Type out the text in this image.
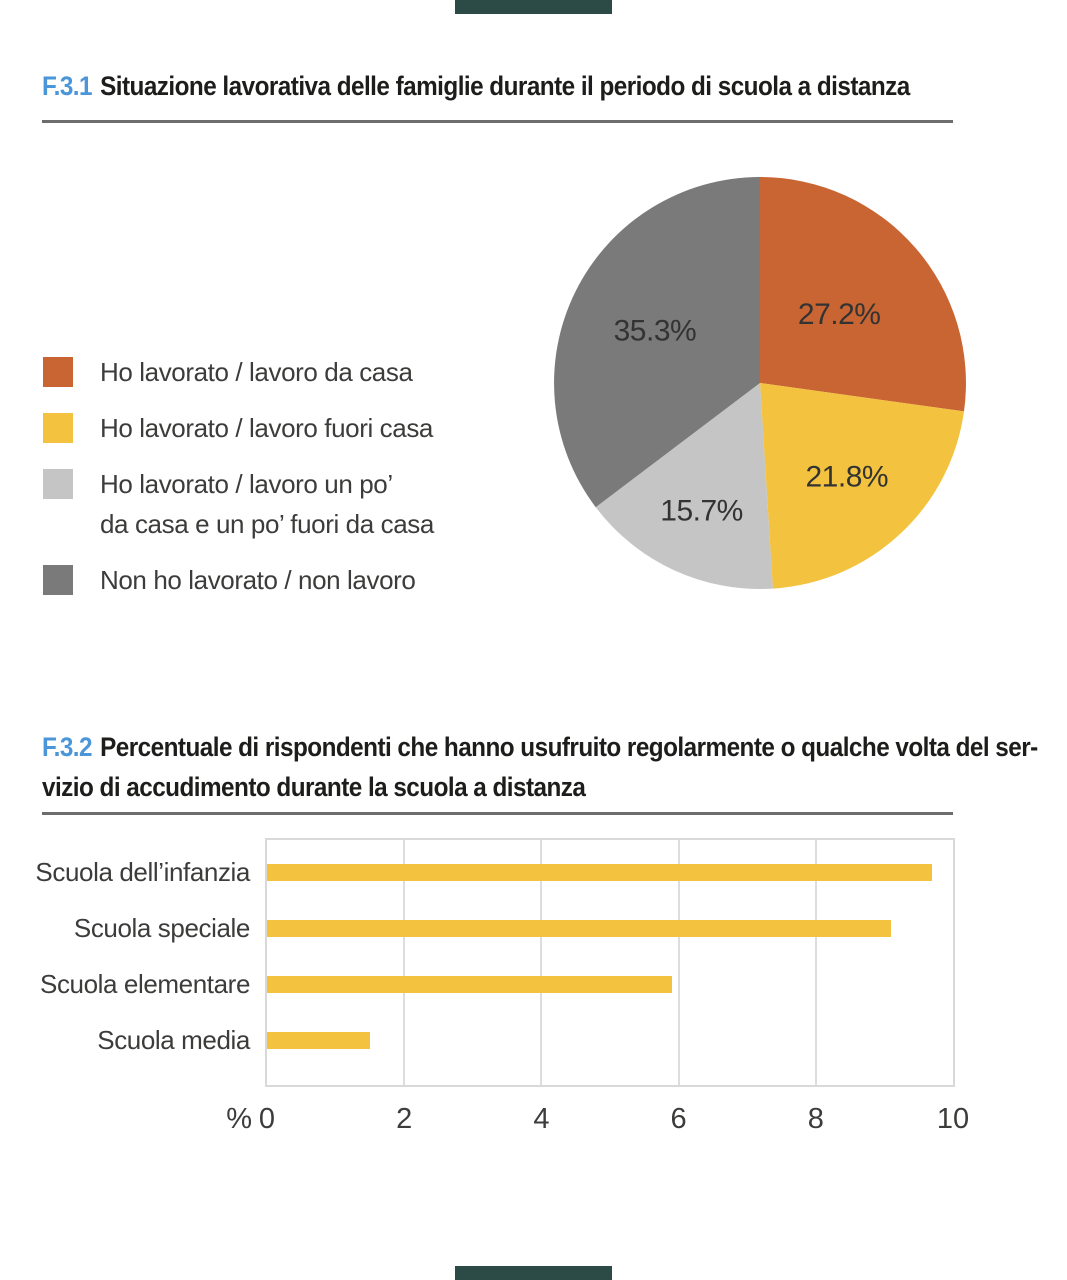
F.3.1 Situazione lavorativa delle famiglie durante il periodo di scuola a distanza
Ho lavorato / lavoro da casa
Ho lavorato / lavoro fuori casa
Ho lavorato / lavoro un po’
da casa e un po’ fuori da casa
Non ho lavorato / non lavoro
27.2%
21.8%
15.7%
35.3%
F.3.2 Percentuale di rispondenti che hanno usufruito regolarmente o qualche volta del ser-
vizio di accudimento durante la scuola a distanza
Scuola dell’infanzia
Scuola speciale
Scuola elementare
Scuola media
% 0	2	4	6	8	10
